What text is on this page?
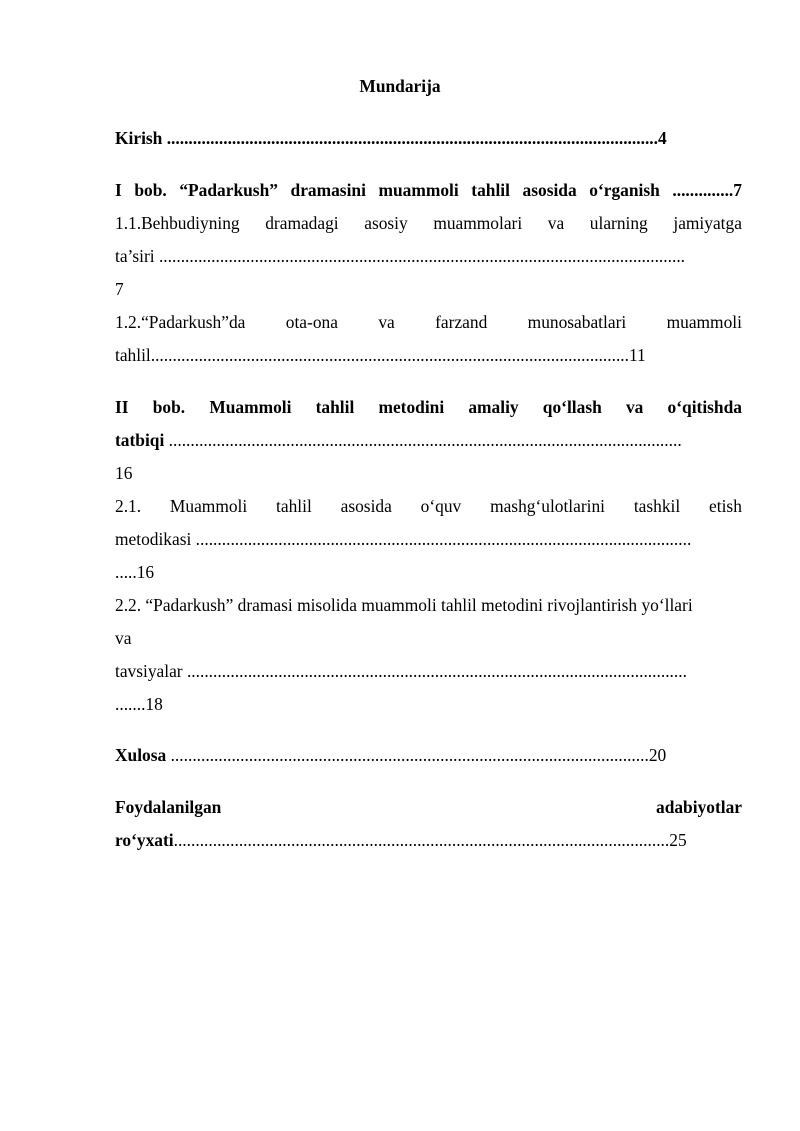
Mundarija
Kirish .................................................................................................................4
I bob. “Padarkush” dramasini muammoli tahlil asosida o‘rganish ..............7
1.1.Behbudiyning dramadagi asosiy muammolari va ularning jamiyatga
ta’siri .........................................................................................................................
7
1.2.“Padarkush”da ota-ona va farzand munosabatlari muammoli
tahlil..............................................................................................................11
II bob. Muammoli tahlil metodini amaliy qo‘llash va o‘qitishda
tatbiqi ......................................................................................................................
16
2.1. Muammoli tahlil asosida o‘quv mashg‘ulotlarini tashkil etish
metodikasi ..................................................................................................................
.....16
2.2. “Padarkush” dramasi misolida muammoli tahlil metodini rivojlantirish yo‘llari
va
tavsiyalar ...................................................................................................................
.......18
Xulosa ..............................................................................................................20
Foydalanilgan	adabiyotlar
ro‘yxati..................................................................................................................25
